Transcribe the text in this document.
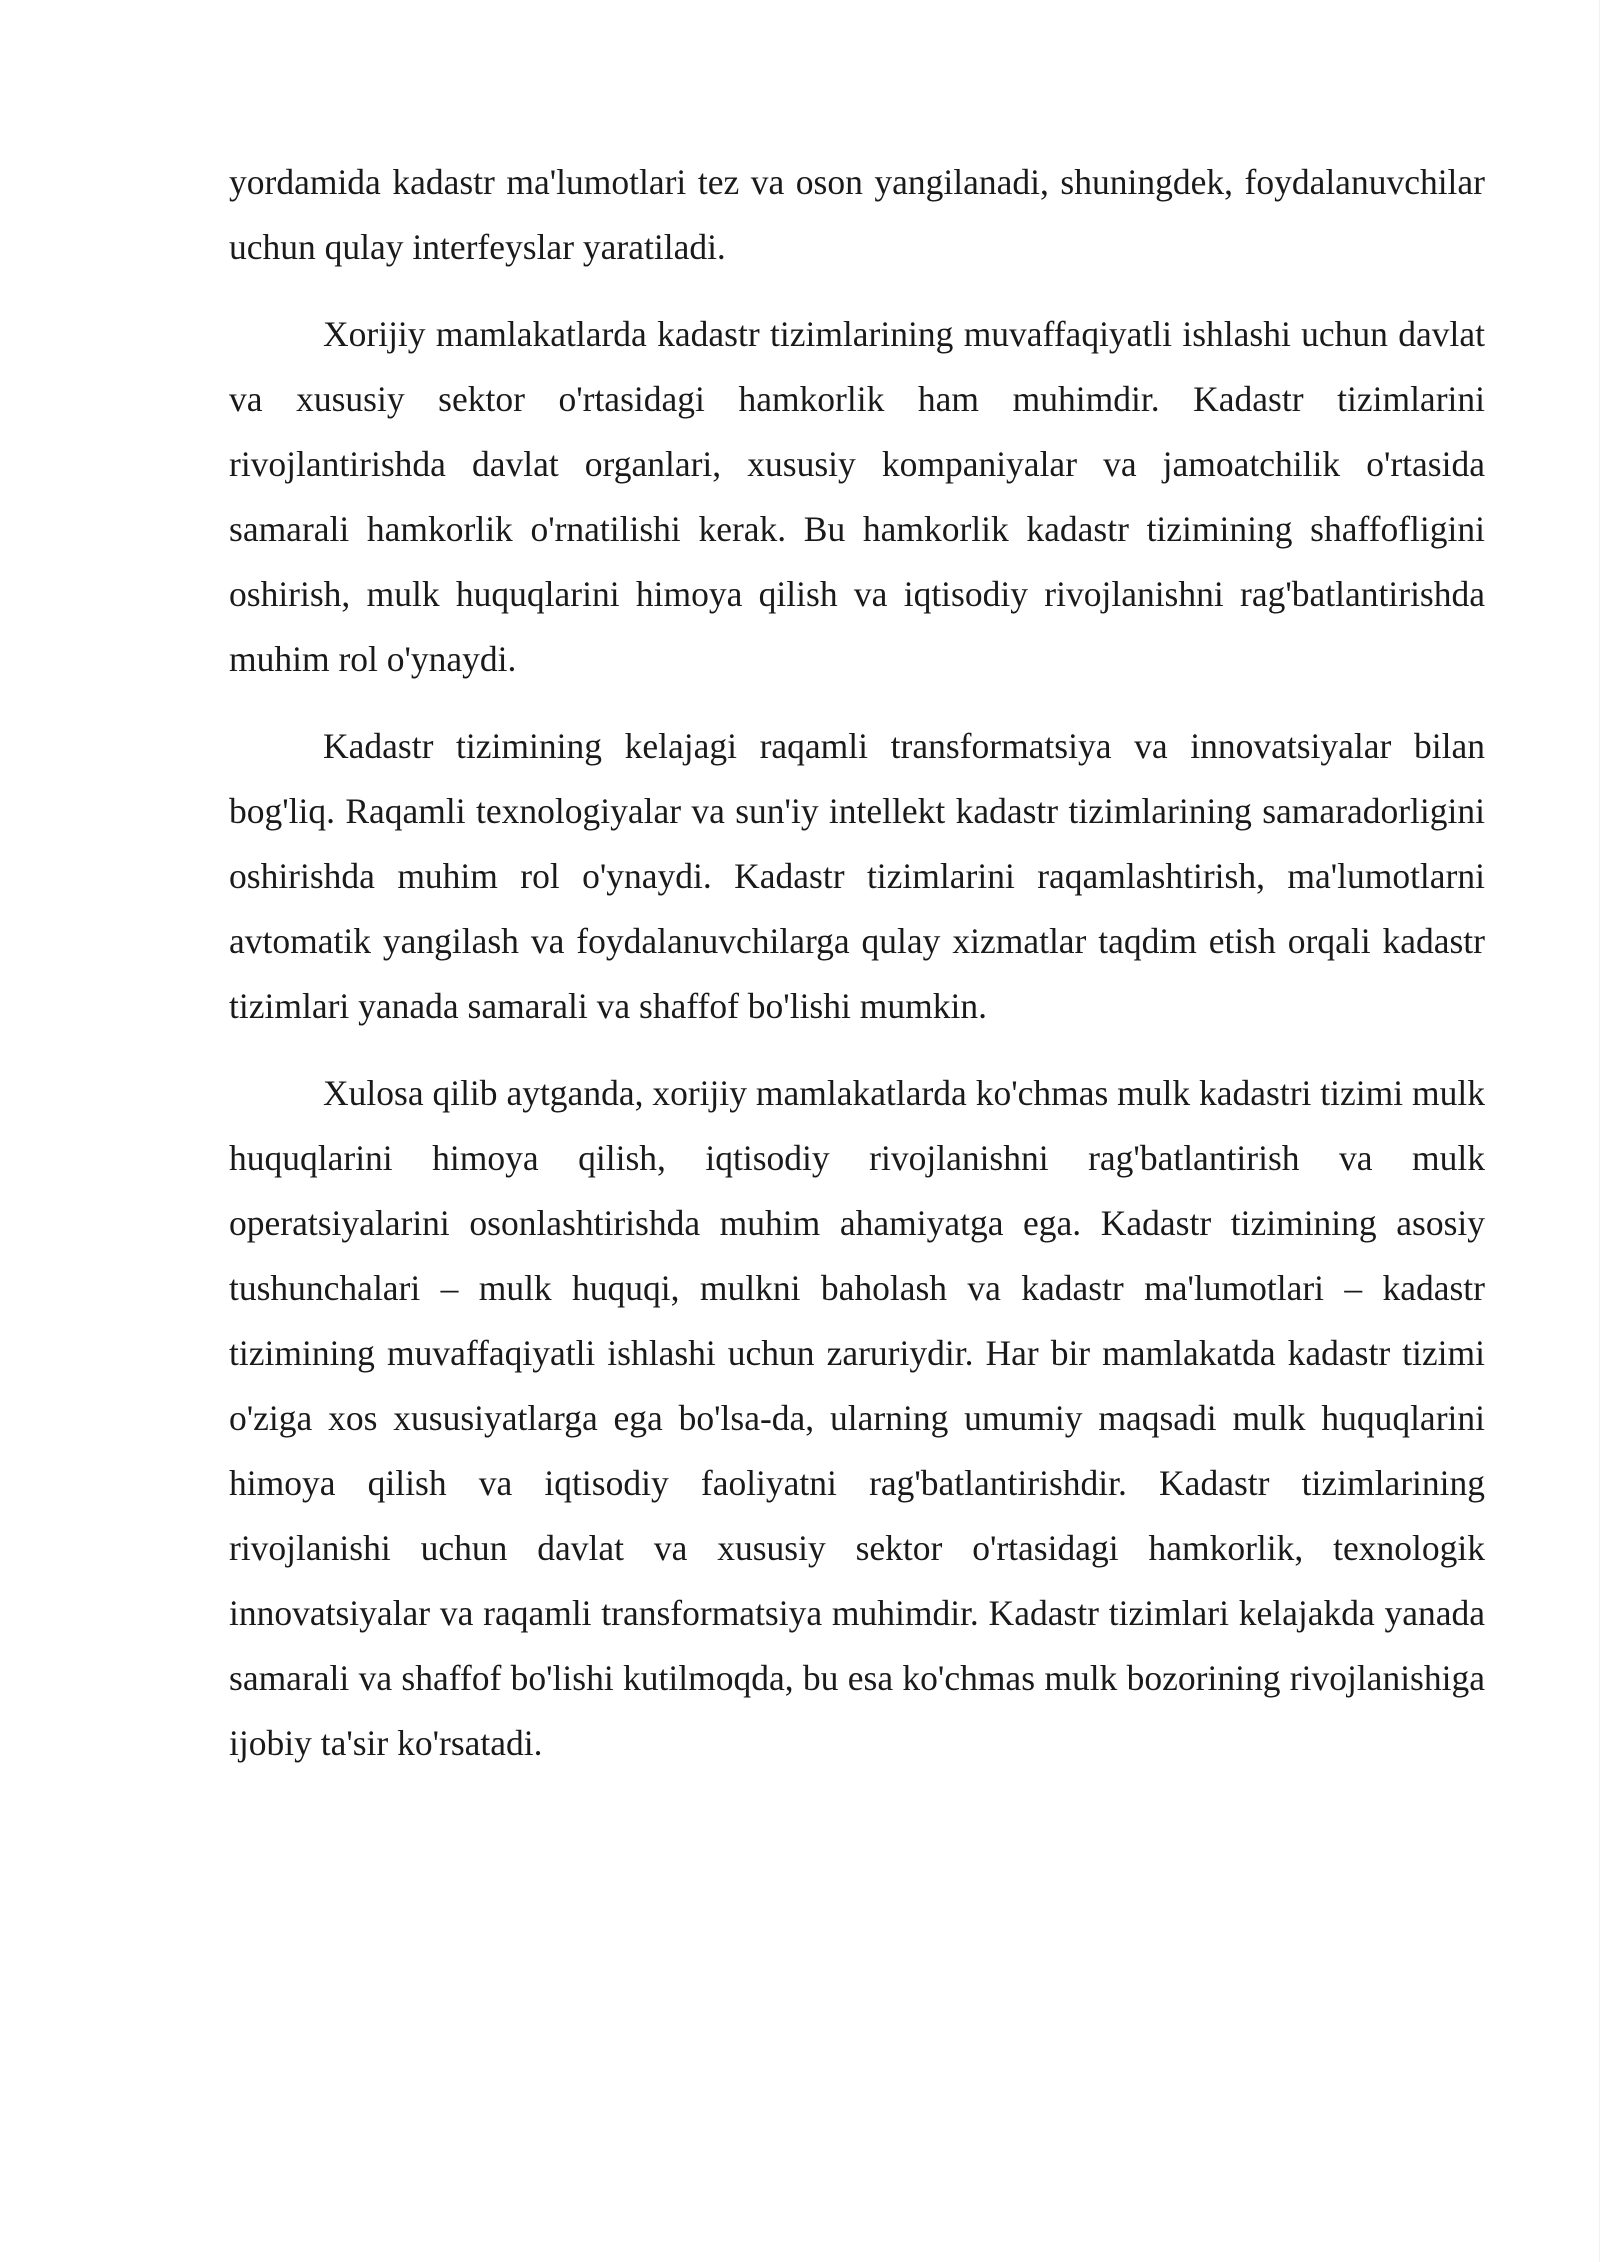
yordamida kadastr ma'lumotlari tez va oson yangilanadi, shuningdek, foydalanuvchilar uchun qulay interfeyslar yaratiladi.

Xorijiy mamlakatlarda kadastr tizimlarining muvaffaqiyatli ishlashi uchun davlat va xususiy sektor o'rtasidagi hamkorlik ham muhimdir. Kadastr tizimlarini rivojlantirishda davlat organlari, xususiy kompaniyalar va jamoatchilik o'rtasida samarali hamkorlik o'rnatilishi kerak. Bu hamkorlik kadastr tizimining shaffofligini oshirish, mulk huquqlarini himoya qilish va iqtisodiy rivojlanishni rag'batlantirishda muhim rol o'ynaydi.

Kadastr tizimining kelajagi raqamli transformatsiya va innovatsiyalar bilan bog'liq. Raqamli texnologiyalar va sun'iy intellekt kadastr tizimlarining samaradorligini oshirishda muhim rol o'ynaydi. Kadastr tizimlarini raqamlashtirish, ma'lumotlarni avtomatik yangilash va foydalanuvchilarga qulay xizmatlar taqdim etish orqali kadastr tizimlari yanada samarali va shaffof bo'lishi mumkin.

Xulosa qilib aytganda, xorijiy mamlakatlarda ko'chmas mulk kadastri tizimi mulk huquqlarini himoya qilish, iqtisodiy rivojlanishni rag'batlantirish va mulk operatsiyalarini osonlashtirishda muhim ahamiyatga ega. Kadastr tizimining asosiy tushunchalari – mulk huquqi, mulkni baholash va kadastr ma'lumotlari – kadastr tizimining muvaffaqiyatli ishlashi uchun zaruriydir. Har bir mamlakatda kadastr tizimi o'ziga xos xususiyatlarga ega bo'lsa-da, ularning umumiy maqsadi mulk huquqlarini himoya qilish va iqtisodiy faoliyatni rag'batlantirishdir. Kadastr tizimlarining rivojlanishi uchun davlat va xususiy sektor o'rtasidagi hamkorlik, texnologik innovatsiyalar va raqamli transformatsiya muhimdir. Kadastr tizimlari kelajakda yanada samarali va shaffof bo'lishi kutilmoqda, bu esa ko'chmas mulk bozorining rivojlanishiga ijobiy ta'sir ko'rsatadi.
